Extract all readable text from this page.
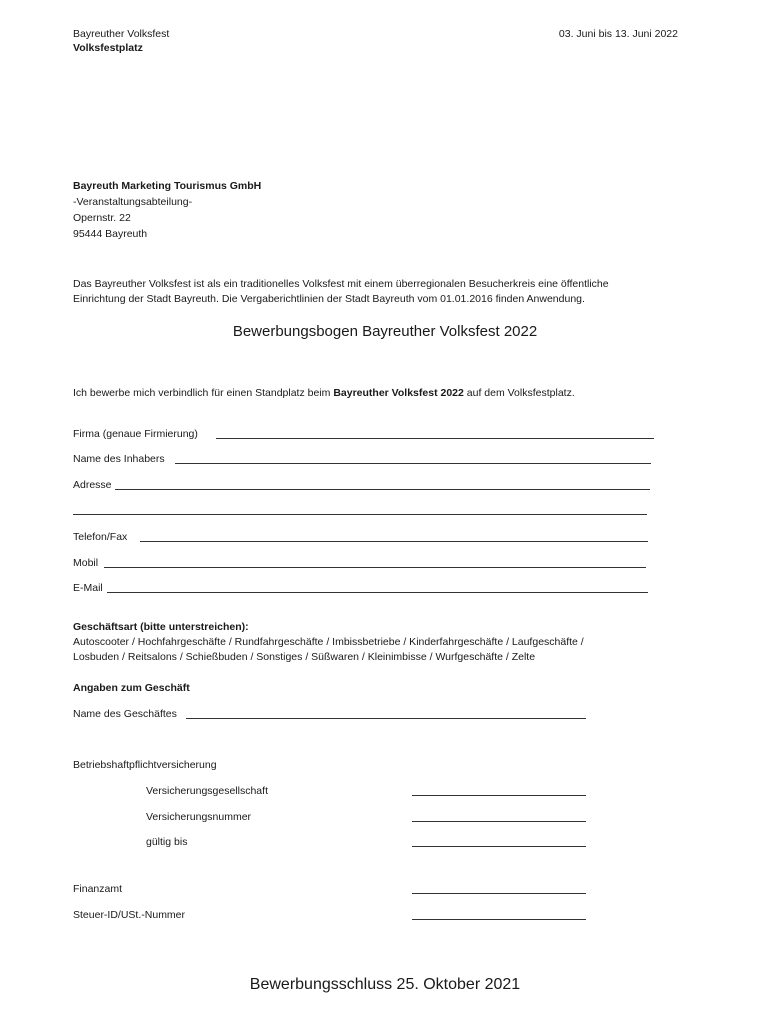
Bayreuther Volksfest
Volksfestplatz
03. Juni bis 13. Juni 2022
Bayreuth Marketing Tourismus GmbH
-Veranstaltungsabteilung-
Opernstr. 22
95444 Bayreuth
Das Bayreuther Volksfest ist als ein traditionelles Volksfest mit einem überregionalen Besucherkreis eine öffentliche
Einrichtung der Stadt Bayreuth. Die Vergaberichtlinien der Stadt Bayreuth vom 01.01.2016 finden Anwendung.
Bewerbungsbogen Bayreuther Volksfest 2022
Ich bewerbe mich verbindlich für einen Standplatz beim Bayreuther Volksfest 2022 auf dem Volksfestplatz.
Firma (genaue Firmierung)
Name des Inhabers
Adresse
Telefon/Fax
Mobil
E-Mail
Geschäftsart (bitte unterstreichen):
Autoscooter / Hochfahrgeschäfte / Rundfahrgeschäfte / Imbissbetriebe / Kinderfahrgeschäfte / Laufgeschäfte /
Losbuden / Reitsalons / Schießbuden / Sonstiges / Süßwaren / Kleinimbisse / Wurfgeschäfte / Zelte
Angaben zum Geschäft
Name des Geschäftes
Betriebshaftpflichtversicherung
Versicherungsgesellschaft
Versicherungsnummer
gültig bis
Finanzamt
Steuer-ID/USt.-Nummer
Bewerbungsschluss 25. Oktober 2021
